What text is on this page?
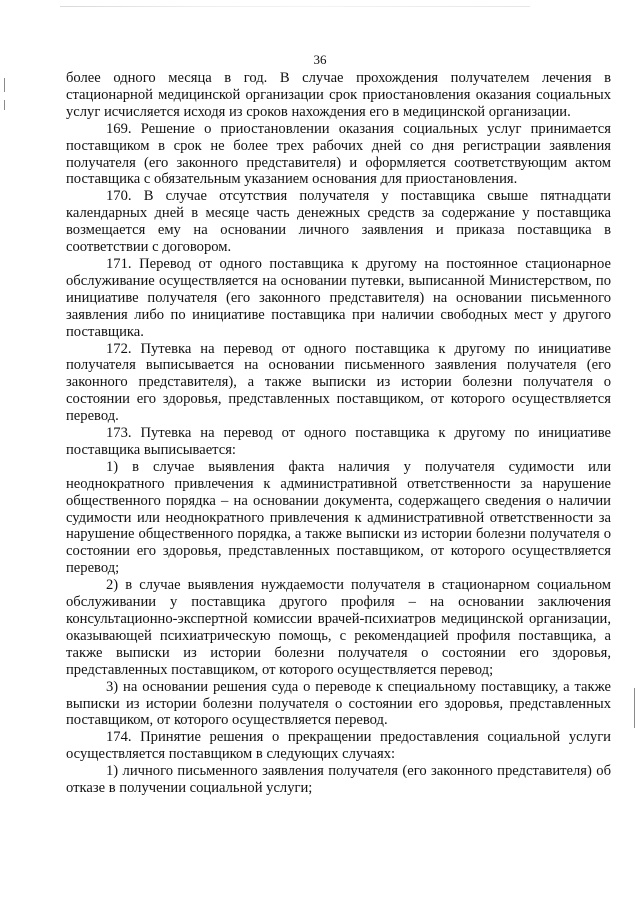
36

более одного месяца в год. В случае прохождения получателем лечения в стационарной медицинской организации срок приостановления оказания социальных услуг исчисляется исходя из сроков нахождения его в медицинской организации.

169. Решение о приостановлении оказания социальных услуг принимается поставщиком в срок не более трех рабочих дней со дня регистрации заявления получателя (его законного представителя) и оформляется соответствующим актом поставщика с обязательным указанием основания для приостановления.

170. В случае отсутствия получателя у поставщика свыше пятнадцати календарных дней в месяце часть денежных средств за содержание у поставщика возмещается ему на основании личного заявления и приказа поставщика в соответствии с договором.

171. Перевод от одного поставщика к другому на постоянное стационарное обслуживание осуществляется на основании путевки, выписанной Министерством, по инициативе получателя (его законного представителя) на основании письменного заявления либо по инициативе поставщика при наличии свободных мест у другого поставщика.

172. Путевка на перевод от одного поставщика к другому по инициативе получателя выписывается на основании письменного заявления получателя (его законного представителя), а также выписки из истории болезни получателя о состоянии его здоровья, представленных поставщиком, от которого осуществляется перевод.

173. Путевка на перевод от одного поставщика к другому по инициативе поставщика выписывается:

1) в случае выявления факта наличия у получателя судимости или неоднократного привлечения к административной ответственности за нарушение общественного порядка – на основании документа, содержащего сведения о наличии судимости или неоднократного привлечения к административной ответственности за нарушение общественного порядка, а также выписки из истории болезни получателя о состоянии его здоровья, представленных поставщиком, от которого осуществляется перевод;

2) в случае выявления нуждаемости получателя в стационарном социальном обслуживании у поставщика другого профиля – на основании заключения консультационно-экспертной комиссии врачей-психиатров медицинской организации, оказывающей психиатрическую помощь, с рекомендацией профиля поставщика, а также выписки из истории болезни получателя о состоянии его здоровья, представленных поставщиком, от которого осуществляется перевод;

3) на основании решения суда о переводе к специальному поставщику, а также выписки из истории болезни получателя о состоянии его здоровья, представленных поставщиком, от которого осуществляется перевод.

174. Принятие решения о прекращении предоставления социальной услуги осуществляется поставщиком в следующих случаях:

1) личного письменного заявления получателя (его законного представителя) об отказе в получении социальной услуги;
